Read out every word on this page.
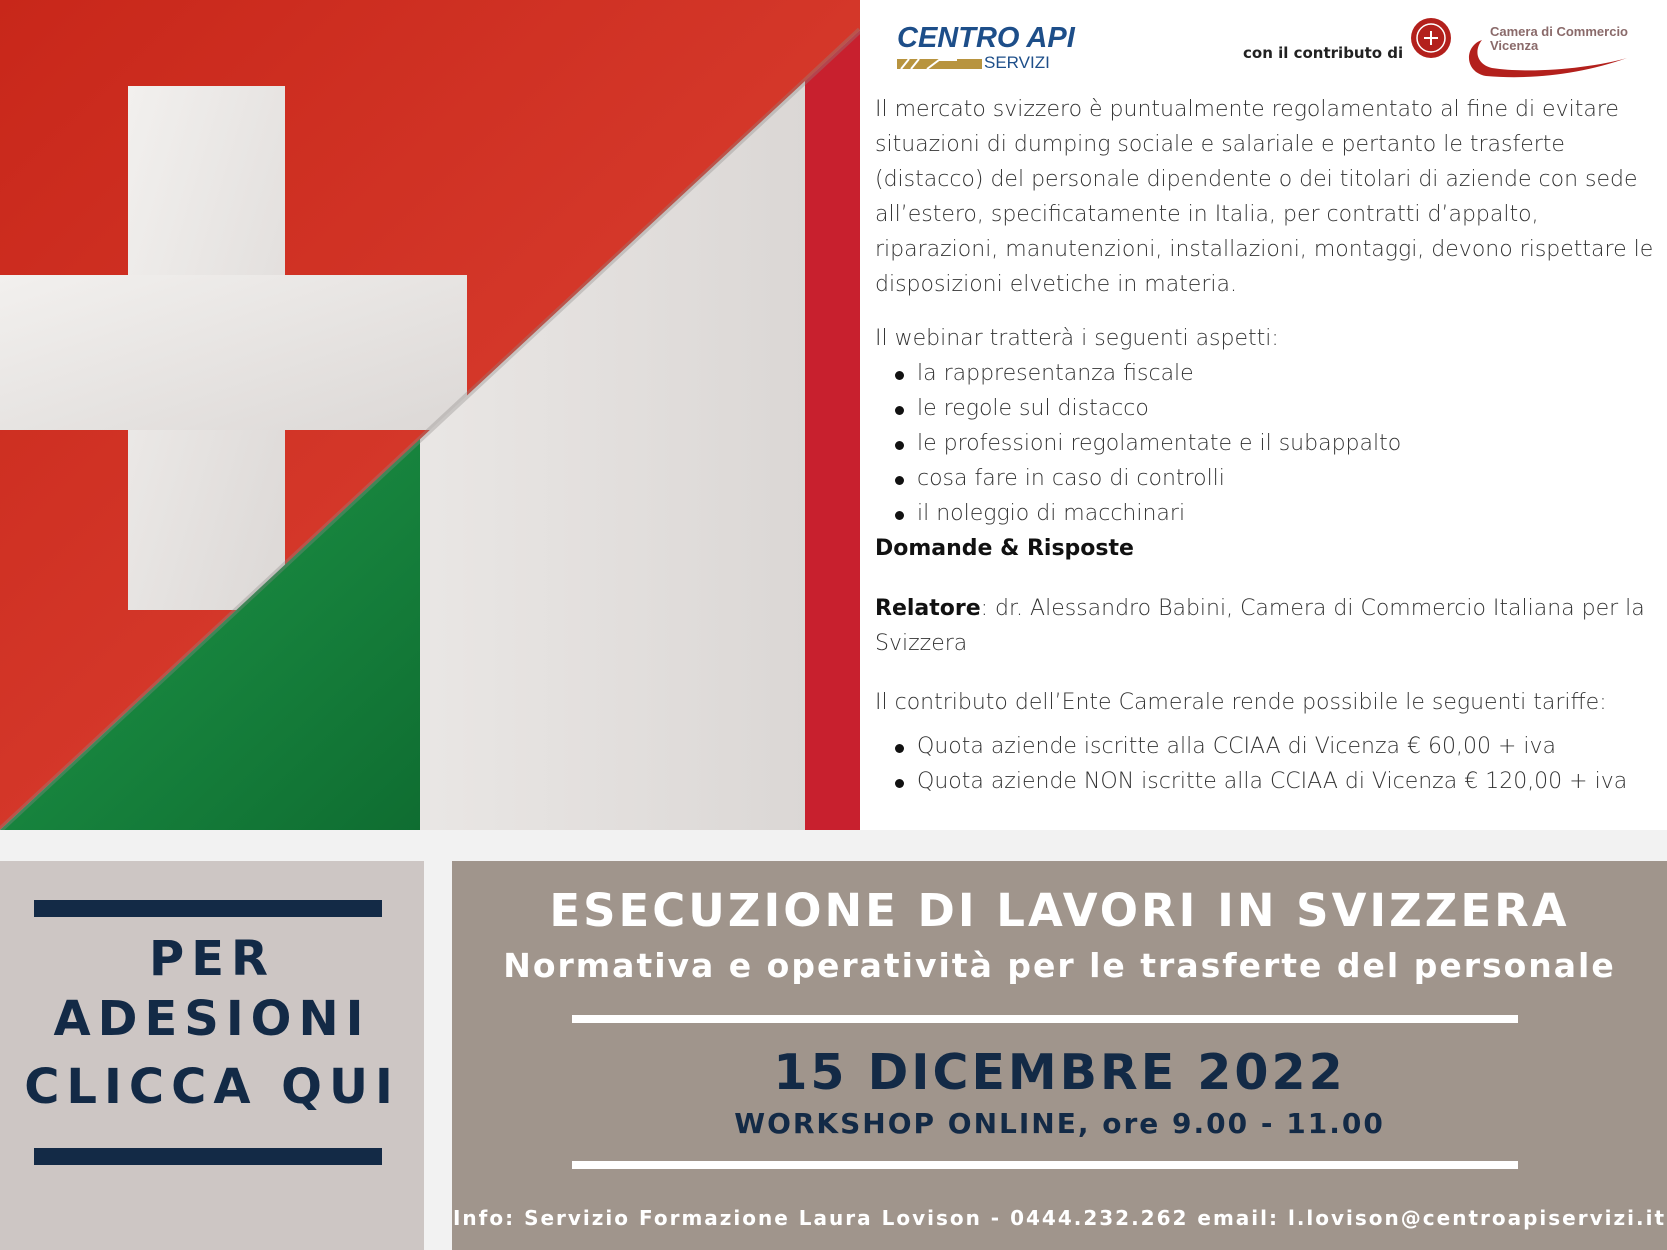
CENTRO API
SERVIZI	con il contributo di
Camera di Commercio Vicenza

Il mercato svizzero è puntualmente regolamentato al fine di evitare situazioni di dumping sociale e salariale e pertanto le trasferte (distacco) del personale dipendente o dei titolari di aziende con sede all’estero, specificatamente in Italia, per contratti d’appalto, riparazioni, manutenzioni, installazioni, montaggi, devono rispettare le disposizioni elvetiche in materia.

Il webinar tratterà i seguenti aspetti:

la rappresentanza fiscale
le regole sul distacco
le professioni regolamentate e il subappalto
cosa fare in caso di controlli
il noleggio di macchinari

Domande & Risposte

Relatore: dr. Alessandro Babini, Camera di Commercio Italiana per la Svizzera

Il contributo dell’Ente Camerale rende possibile le seguenti tariffe:

Quota aziende iscritte alla CCIAA di Vicenza € 60,00 + iva
Quota aziende NON iscritte alla CCIAA di Vicenza € 120,00 + iva
PER
ADESIONI
CLICCA QUI
ESECUZIONE DI LAVORI IN SVIZZERA
Normativa e operatività per le trasferte del personale
15 DICEMBRE 2022
WORKSHOP ONLINE, ore 9.00 - 11.00
Info: Servizio Formazione Laura Lovison - 0444.232.262 email: l.lovison@centroapiservizi.it
